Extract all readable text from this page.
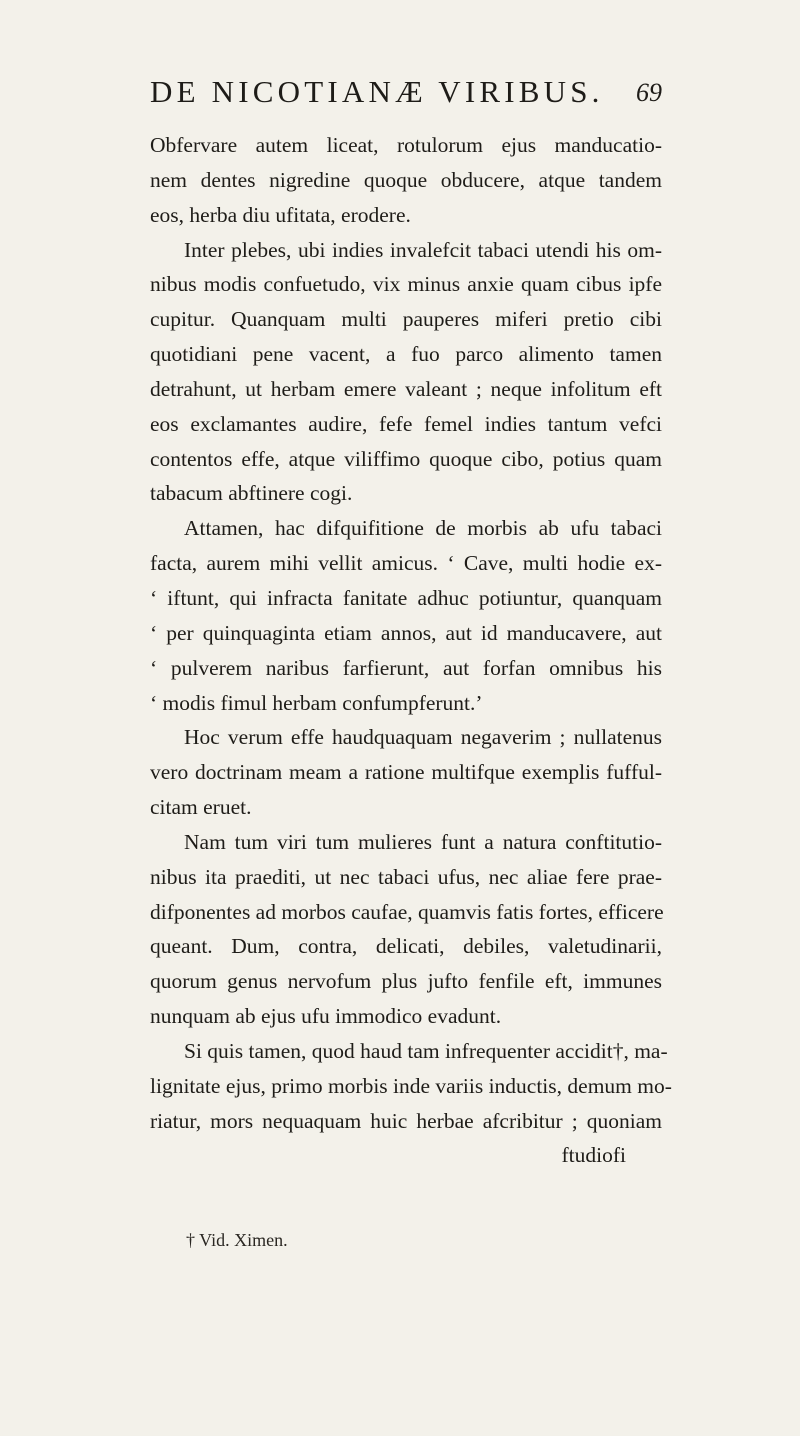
DE NICOTIANÆ VIRIBUS. 69
Obfervare autem liceat, rotulorum ejus manducatio-
nem dentes nigredine quoque obducere, atque tandem
eos, herba diu ufitata, erodere.
Inter plebes, ubi indies invalefcit tabaci utendi his om-
nibus modis confuetudo, vix minus anxie quam cibus ipfe
cupitur. Quanquam multi pauperes miferi pretio cibi
quotidiani pene vacent, a fuo parco alimento tamen
detrahunt, ut herbam emere valeant ; neque infolitum eft
eos exclamantes audire, fefe femel indies tantum vefci
contentos effe, atque viliffimo quoque cibo, potius quam
tabacum abftinere cogi.
Attamen, hac difquifitione de morbis ab ufu tabaci
facta, aurem mihi vellit amicus. ‘ Cave, multi hodie ex-
‘ iftunt, qui infracta fanitate adhuc potiuntur, quanquam
‘ per quinquaginta etiam annos, aut id manducavere, aut
‘ pulverem naribus farfierunt, aut forfan omnibus his
‘ modis fimul herbam confumpferunt.’
Hoc verum effe haudquaquam negaverim ; nullatenus
vero doctrinam meam a ratione multifque exemplis fufful-
citam eruet.
Nam tum viri tum mulieres funt a natura conftitutio-
nibus ita praediti, ut nec tabaci ufus, nec aliae fere prae-
difponentes ad morbos caufae, quamvis fatis fortes, efficere
queant. Dum, contra, delicati, debiles, valetudinarii,
quorum genus nervofum plus jufto fenfile eft, immunes
nunquam ab ejus ufu immodico evadunt.
Si quis tamen, quod haud tam infrequenter accidit†, ma-
lignitate ejus, primo morbis inde variis inductis, demum mo-
riatur, mors nequaquam huic herbae afcribitur ; quoniam
ftudiofi
† Vid. Ximen.
